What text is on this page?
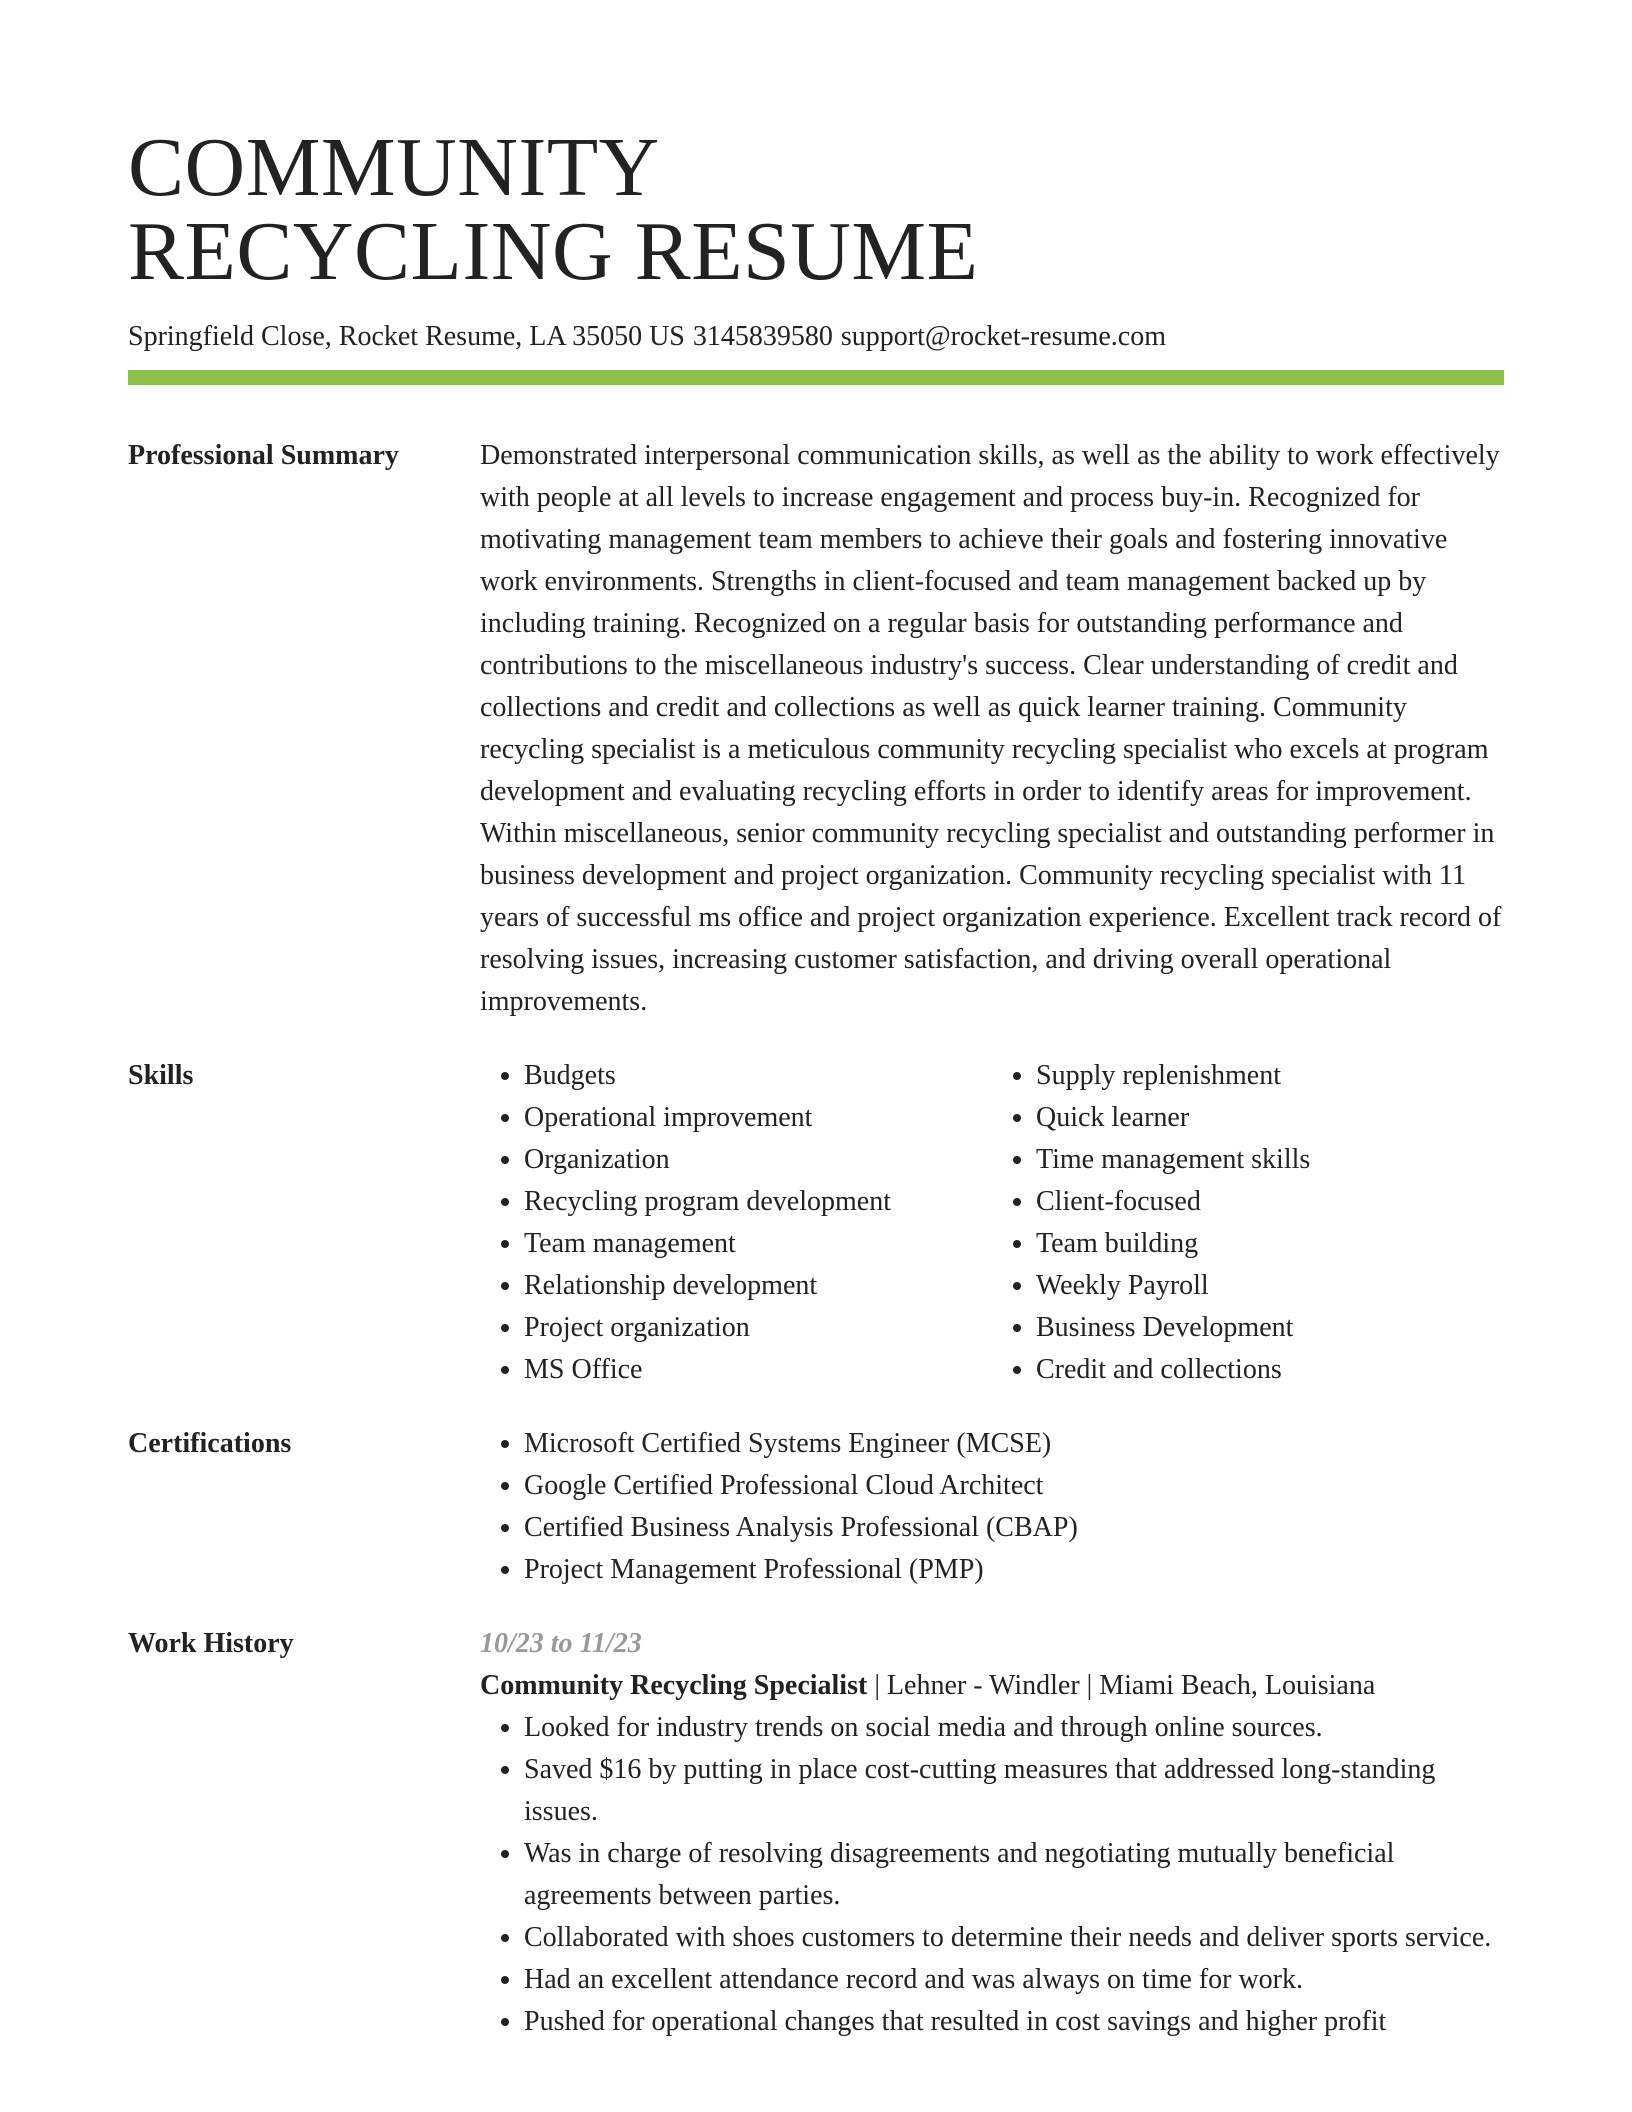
COMMUNITY
RECYCLING RESUME
Springfield Close, Rocket Resume, LA 35050 US 3145839580 support@rocket-resume.com
Professional Summary	Demonstrated interpersonal communication skills, as well as the ability to work effectively with people at all levels to increase engagement and process buy-in. Recognized for motivating management team members to achieve their goals and fostering innovative work environments. Strengths in client-focused and team management backed up by including training. Recognized on a regular basis for outstanding performance and contributions to the miscellaneous industry's success. Clear understanding of credit and collections and credit and collections as well as quick learner training. Community recycling specialist is a meticulous community recycling specialist who excels at program development and evaluating recycling efforts in order to identify areas for improvement. Within miscellaneous, senior community recycling specialist and outstanding performer in business development and project organization. Community recycling specialist with 11 years of successful ms office and project organization experience. Excellent track record of resolving issues, increasing customer satisfaction, and driving overall operational improvements.

Skills	• Budgets
• Operational improvement
• Organization
• Recycling program development
• Team management
• Relationship development
• Project organization
• MS Office
• Supply replenishment
• Quick learner
• Time management skills
• Client-focused
• Team building
• Weekly Payroll
• Business Development
• Credit and collections
Certifications	• Microsoft Certified Systems Engineer (MCSE)
• Google Certified Professional Cloud Architect
• Certified Business Analysis Professional (CBAP)
• Project Management Professional (PMP)
Work History	10/23 to 11/23
Community Recycling Specialist | Lehner - Windler | Miami Beach, Louisiana
• Looked for industry trends on social media and through online sources.
• Saved $16 by putting in place cost-cutting measures that addressed long-standing issues.
• Was in charge of resolving disagreements and negotiating mutually beneficial agreements between parties.
• Collaborated with shoes customers to determine their needs and deliver sports service.
• Had an excellent attendance record and was always on time for work.
• Pushed for operational changes that resulted in cost savings and higher profit
